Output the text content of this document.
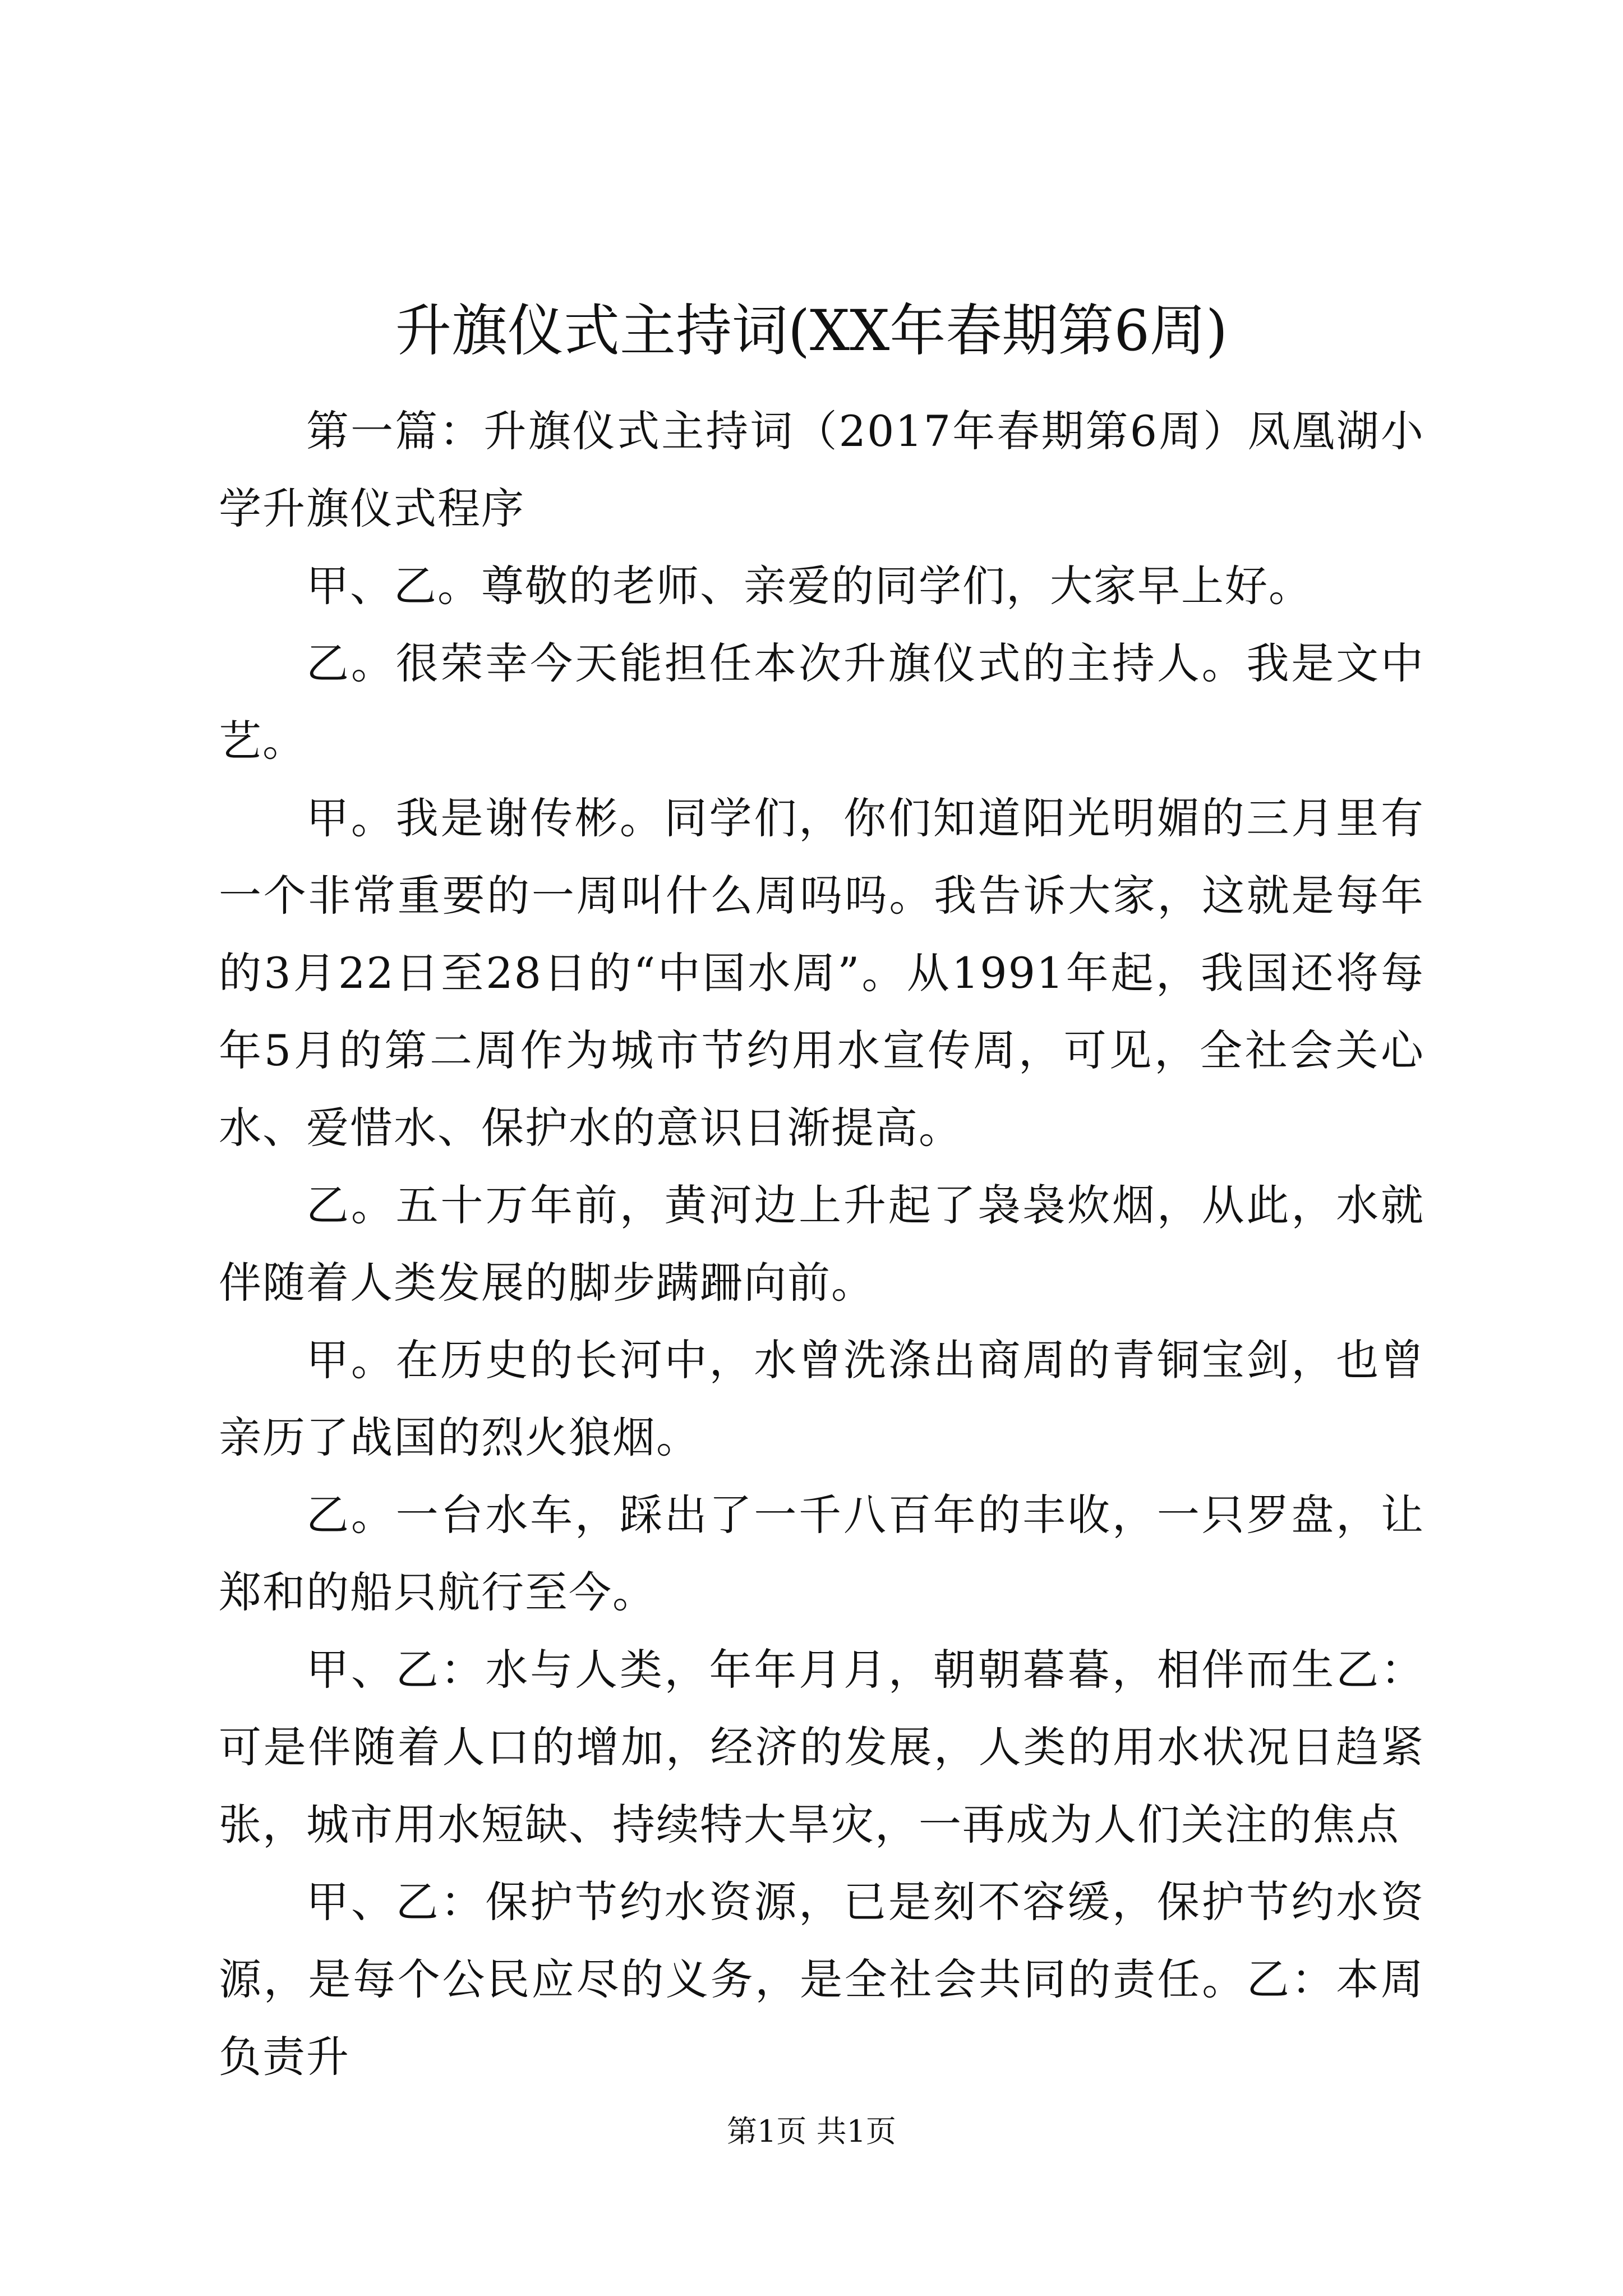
升旗仪式主持词(XX年春期第6周)

第一篇：升旗仪式主持词（2017年春期第6周）凤凰湖小学升旗仪式程序

甲、乙。尊敬的老师、亲爱的同学们，大家早上好。

乙。很荣幸今天能担任本次升旗仪式的主持人。我是文中艺。

甲。我是谢传彬。同学们，你们知道阳光明媚的三月里有一个非常重要的一周叫什么周吗吗。我告诉大家，这就是每年的3月22日至28日的“中国水周”。从1991年起，我国还将每年5月的第二周作为城市节约用水宣传周，可见，全社会关心水、爱惜水、保护水的意识日渐提高。

乙。五十万年前，黄河边上升起了袅袅炊烟，从此，水就伴随着人类发展的脚步蹒跚向前。

甲。在历史的长河中，水曾洗涤出商周的青铜宝剑，也曾亲历了战国的烈火狼烟。

乙。一台水车，踩出了一千八百年的丰收，一只罗盘，让郑和的船只航行至今。

甲、乙：水与人类，年年月月，朝朝暮暮，相伴而生乙：可是伴随着人口的增加，经济的发展，人类的用水状况日趋紧张，城市用水短缺、持续特大旱灾，一再成为人们关注的焦点

甲、乙：保护节约水资源，已是刻不容缓，保护节约水资源，是每个公民应尽的义务，是全社会共同的责任。乙：本周负责升

第1页 共1页
